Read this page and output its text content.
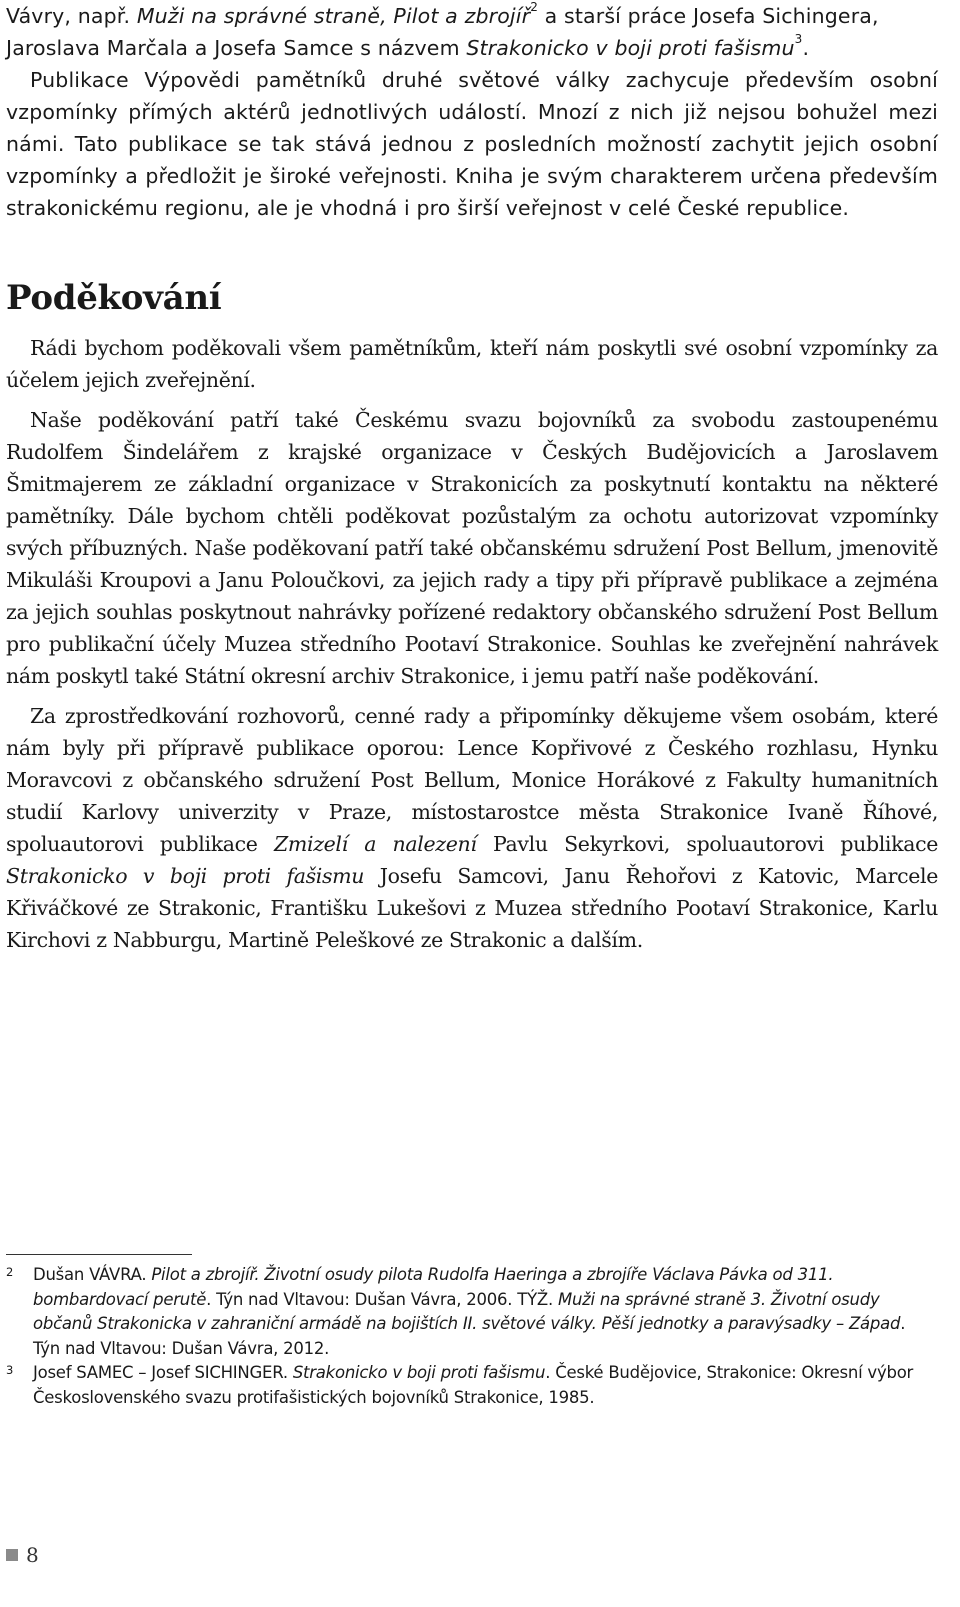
Vávry, např. Muži na správné straně, Pilot a zbrojíř$^2$ a starší práce Josefa Sichingera, Jaroslava Marčala a Josefa Samce s názvem Strakonicko v boji proti fašismu$^3$.

Publikace Výpovědi pamětníků druhé světové války zachycuje především osobní vzpomínky přímých aktérů jednotlivých událostí. Mnozí z nich již nejsou bohužel mezi námi. Tato publikace se tak stává jednou z posledních možností zachytit jejich osobní vzpomínky a předložit je široké veřejnosti. Kniha je svým charakterem určena především strakonickému regionu, ale je vhodná i pro širší veřejnost v celé České republice.

Poděkování

Rádi bychom poděkovali všem pamětníkům, kteří nám poskytli své osobní vzpomínky za účelem jejich zveřejnění.

Naše poděkování patří také Českému svazu bojovníků za svobodu zastoupenému Rudolfem Šindelářem z krajské organizace v Českých Budějovicích a Jaroslavem Šmitmajerem ze základní organizace v Strakonicích za poskytnutí kontaktu na některé pamětníky. Dále bychom chtěli poděkovat pozůstalým za ochotu autorizovat vzpomínky svých příbuzných. Naše poděkovaní patří také občanskému sdružení Post Bellum, jmenovitě Mikuláši Kroupovi a Janu Poloučkovi, za jejich rady a tipy při přípravě publikace a zejména za jejich souhlas poskytnout nahrávky pořízené redaktory občanského sdružení Post Bellum pro publikační účely Muzea středního Pootaví Strakonice. Souhlas ke zveřejnění nahrávek nám poskytl také Státní okresní archiv Strakonice, i jemu patří naše poděkování.

Za zprostředkování rozhovorů, cenné rady a připomínky děkujeme všem osobám, které nám byly při přípravě publikace oporou: Lence Kopřivové z Českého rozhlasu, Hynku Moravcovi z občanského sdružení Post Bellum, Monice Horákové z Fakulty humanitních studií Karlovy univerzity v Praze, místostarostce města Strakonice Ivaně Říhové, spoluautorovi publikace Zmizelí a nalezení Pavlu Sekyrkovi, spoluautorovi publikace Strakonicko v boji proti fašismu Josefu Samcovi, Janu Řehořovi z Katovic, Marcele Křiváčkové ze Strakonic, Františku Lukešovi z Muzea středního Pootaví Strakonice, Karlu Kirchovi z Nabburgu, Martině Peleškové ze Strakonic a dalším.

2 Dušan VÁVRA. Pilot a zbrojíř. Životní osudy pilota Rudolfa Haeringa a zbrojíře Václava Pávka od 311. bombardovací perutě. Týn nad Vltavou: Dušan Vávra, 2006. TÝŽ. Muži na správné straně 3. Životní osudy občanů Strakonicka v zahraniční armádě na bojištích II. světové války. Pěší jednotky a paravýsadky – Západ. Týn nad Vltavou: Dušan Vávra, 2012.
3 Josef SAMEC – Josef SICHINGER. Strakonicko v boji proti fašismu. České Budějovice, Strakonice: Okresní výbor Československého svazu protifašistických bojovníků Strakonice, 1985.
8
